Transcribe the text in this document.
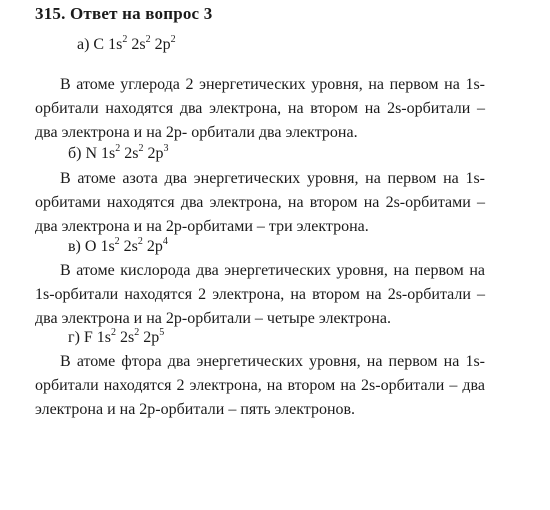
315. Ответ на вопрос 3
а) C $1s^2$ $2s^2$ $2p^2$
В атоме углерода 2 энергетических уровня, на первом на 1s-
орбитали находятся два электрона, на втором на 2s-орбитали –
два электрона и на 2p- орбитали два электрона.
б) N $1s^2$ $2s^2$ $2p^3$
В атоме азота два энергетических уровня, на первом на 1s-
орбитами находятся два электрона, на втором на 2s-орбитами –
два электрона и на 2p-орбитами – три электрона.
в) O $1s^2$ $2s^2$ $2p^4$
В атоме кислорода два энергетических уровня, на первом на
1s-орбитали находятся 2 электрона, на втором на 2s-орбитали –
два электрона и на 2p-орбитали – четыре электрона.
г) F $1s^2$ $2s^2$ $2p^5$
В атоме фтора два энергетических уровня, на первом на 1s-
орбитали находятся 2 электрона, на втором на 2s-орбитали – два
электрона и на 2p-орбитали – пять электронов.
